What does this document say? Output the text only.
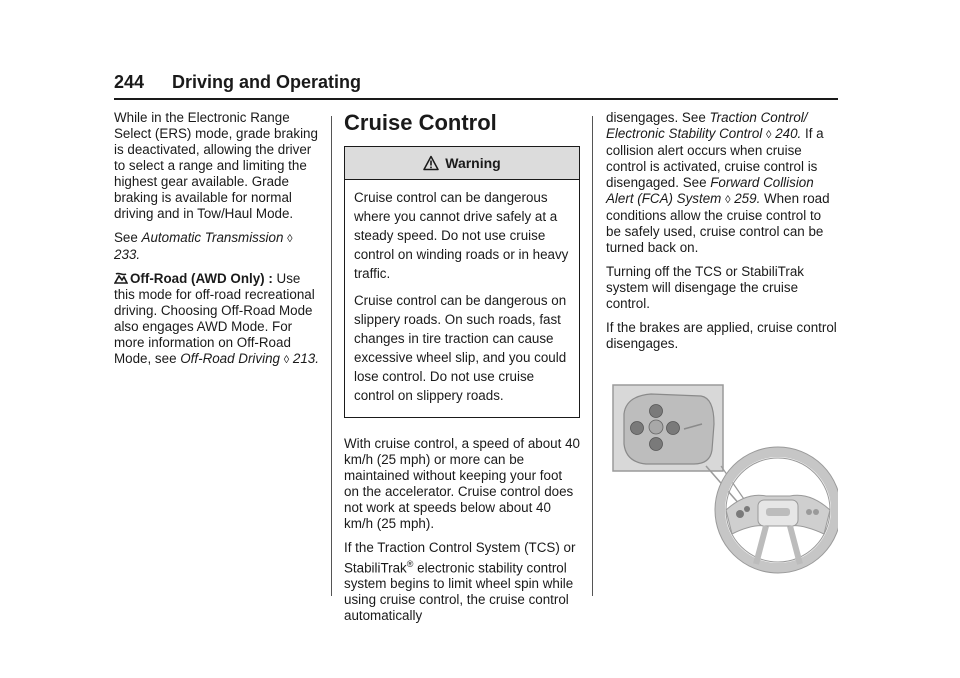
244 Driving and Operating

While in the Electronic Range Select (ERS) mode, grade braking is deactivated, allowing the driver to select a range and limiting the highest gear available. Grade braking is available for normal driving and in Tow/Haul Mode.

See Automatic Transmission ◊ 233.

Off-Road (AWD Only) : Use this mode for off-road recreational driving. Choosing Off-Road Mode also engages AWD Mode. For more information on Off-Road Mode, see Off-Road Driving ◊ 213.

Cruise Control
Warning

Cruise control can be dangerous where you cannot drive safely at a steady speed. Do not use cruise control on winding roads or in heavy traffic.

Cruise control can be dangerous on slippery roads. On such roads, fast changes in tire traction can cause excessive wheel slip, and you could lose control. Do not use cruise control on slippery roads.

With cruise control, a speed of about 40 km/h (25 mph) or more can be maintained without keeping your foot on the accelerator. Cruise control does not work at speeds below about 40 km/h (25 mph).

If the Traction Control System (TCS) or StabiliTrak® electronic stability control system begins to limit wheel spin while using cruise control, the cruise control automatically

disengages. See Traction Control/ Electronic Stability Control ◊ 240. If a collision alert occurs when cruise control is activated, cruise control is disengaged. See Forward Collision Alert (FCA) System ◊ 259. When road conditions allow the cruise control to be safely used, cruise control can be turned back on.

Turning off the TCS or StabiliTrak system will disengage the cruise control.

If the brakes are applied, cruise control disengages.
